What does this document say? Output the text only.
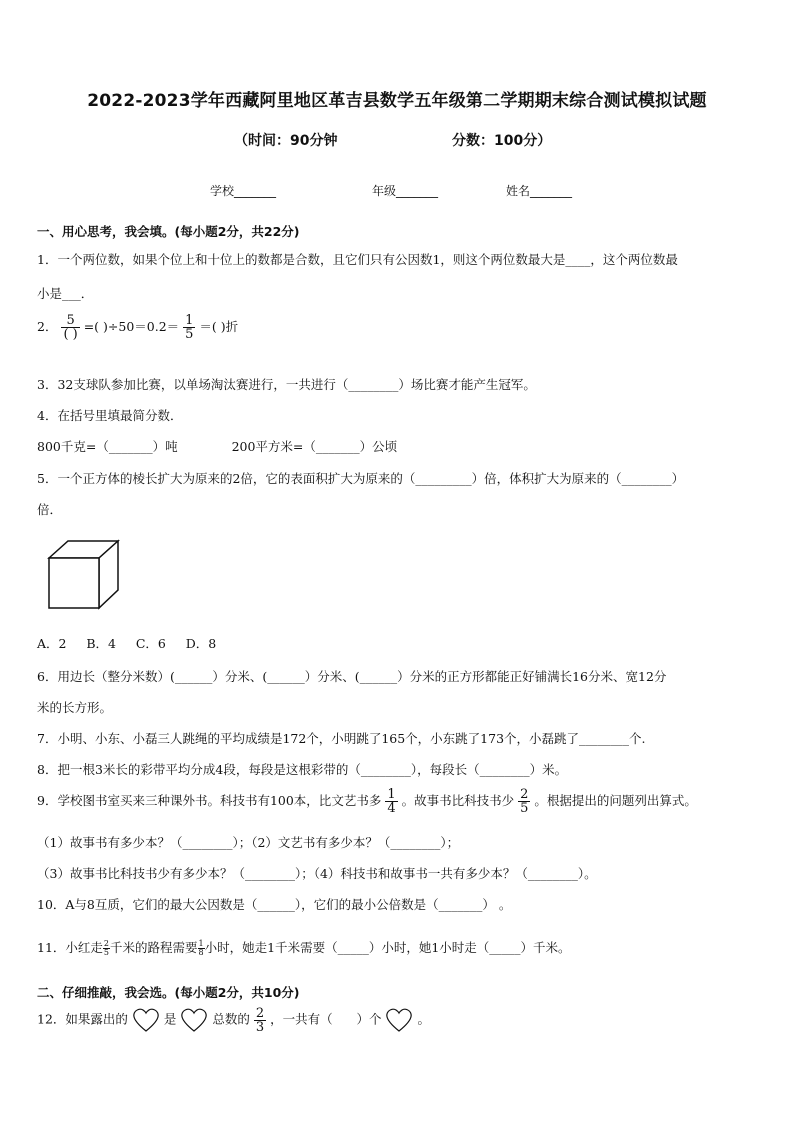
2022-2023学年西藏阿里地区革吉县数学五年级第二学期期末综合测试模拟试题
（时间：90分钟	分数：100分）
学校_______	年级_______	姓名_______
一、用心思考，我会填。(每小题2分，共22分)
1．一个两位数，如果个位上和十位上的数都是合数，且它们只有公因数1，则这个两位数最大是____，这个两位数最
小是___．
2． $\frac{5}{( )}$ =( )$\div 50=0.2= \frac{1}{5}$ ＝( )折
3．32支球队参加比赛，以单场淘汰赛进行，一共进行（________）场比赛才能产生冠军。
4．在括号里填最简分数．
800千克=（_______）吨	200平方米=（_______）公顷
5．一个正方体的棱长扩大为原来的2倍，它的表面积扩大为原来的（_________）倍，体积扩大为原来的（________）
倍．
A．2     B．4     C．6     D．8
6．用边长（整分米数）(______）分米、(______）分米、(______）分米的正方形都能正好铺满长16分米、宽12分
米的长方形。
7．小明、小东、小磊三人跳绳的平均成绩是172个，小明跳了165个，小东跳了173个，小磊跳了________个.
8．把一根3米长的彩带平均分成4段，每段是这根彩带的（________），每段长（________）米。
9．学校图书室买来三种课外书。科技书有100本，比文艺书多 $\frac{1}{4}$ 。故事书比科技书少 $\frac{2}{5}$ 。根据提出的问题列出算式。
（1）故事书有多少本？（________）；（2）文艺书有多少本？（________）；
（3）故事书比科技书少有多少本？（________）；（4）科技书和故事书一共有多少本？（________）。
10．A与8互质，它们的最大公因数是（______），它们的最小公倍数是（_______） 。
11．小红走 $\frac{2}{5}$ 千米的路程需要 $\frac{1}{8}$ 小时，她走1千米需要（_____）小时，她1小时走（_____）千米。
二、仔细推敲，我会选。(每小题2分，共10分)
12．如果露出的	是	总数的 $\frac{2}{3}$ ，一共有（      ）个	。
